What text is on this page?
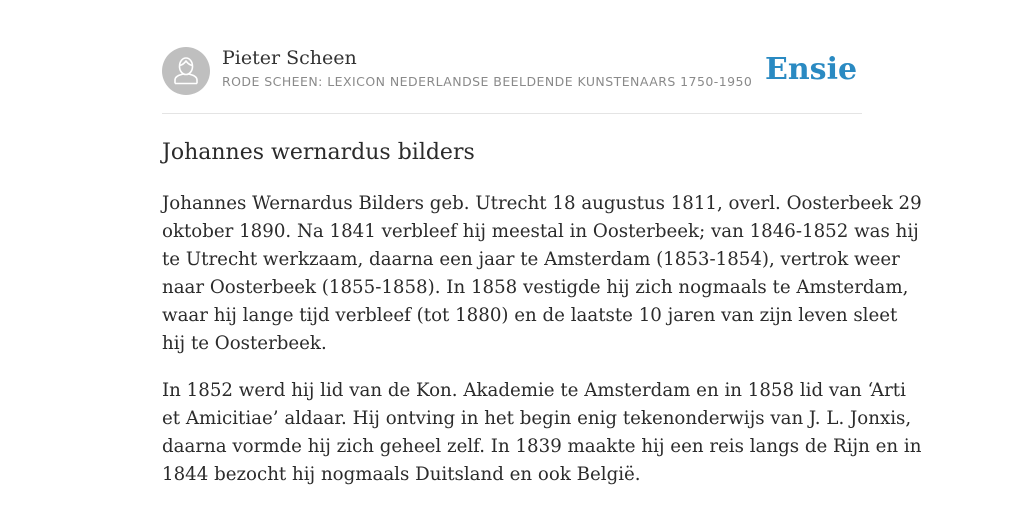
Pieter Scheen
RODE SCHEEN: LEXICON NEDERLANDSE BEELDENDE KUNSTENAARS 1750-1950 Ensie
Johannes wernardus bilders

Johannes Wernardus Bilders geb. Utrecht 18 augustus 1811, overl. Oosterbeek 29
oktober 1890. Na 1841 verbleef hij meestal in Oosterbeek; van 1846-1852 was hij
te Utrecht werkzaam, daarna een jaar te Amsterdam (1853-1854), vertrok weer
naar Oosterbeek (1855-1858). In 1858 vestigde hij zich nogmaals te Amsterdam,
waar hij lange tijd verbleef (tot 1880) en de laatste 10 jaren van zijn leven sleet
hij te Oosterbeek.

In 1852 werd hij lid van de Kon. Akademie te Amsterdam en in 1858 lid van ‘Arti
et Amicitiae’ aldaar. Hij ontving in het begin enig tekenonderwijs van J. L. Jonxis,
daarna vormde hij zich geheel zelf. In 1839 maakte hij een reis langs de Rijn en in
1844 bezocht hij nogmaals Duitsland en ook België.
